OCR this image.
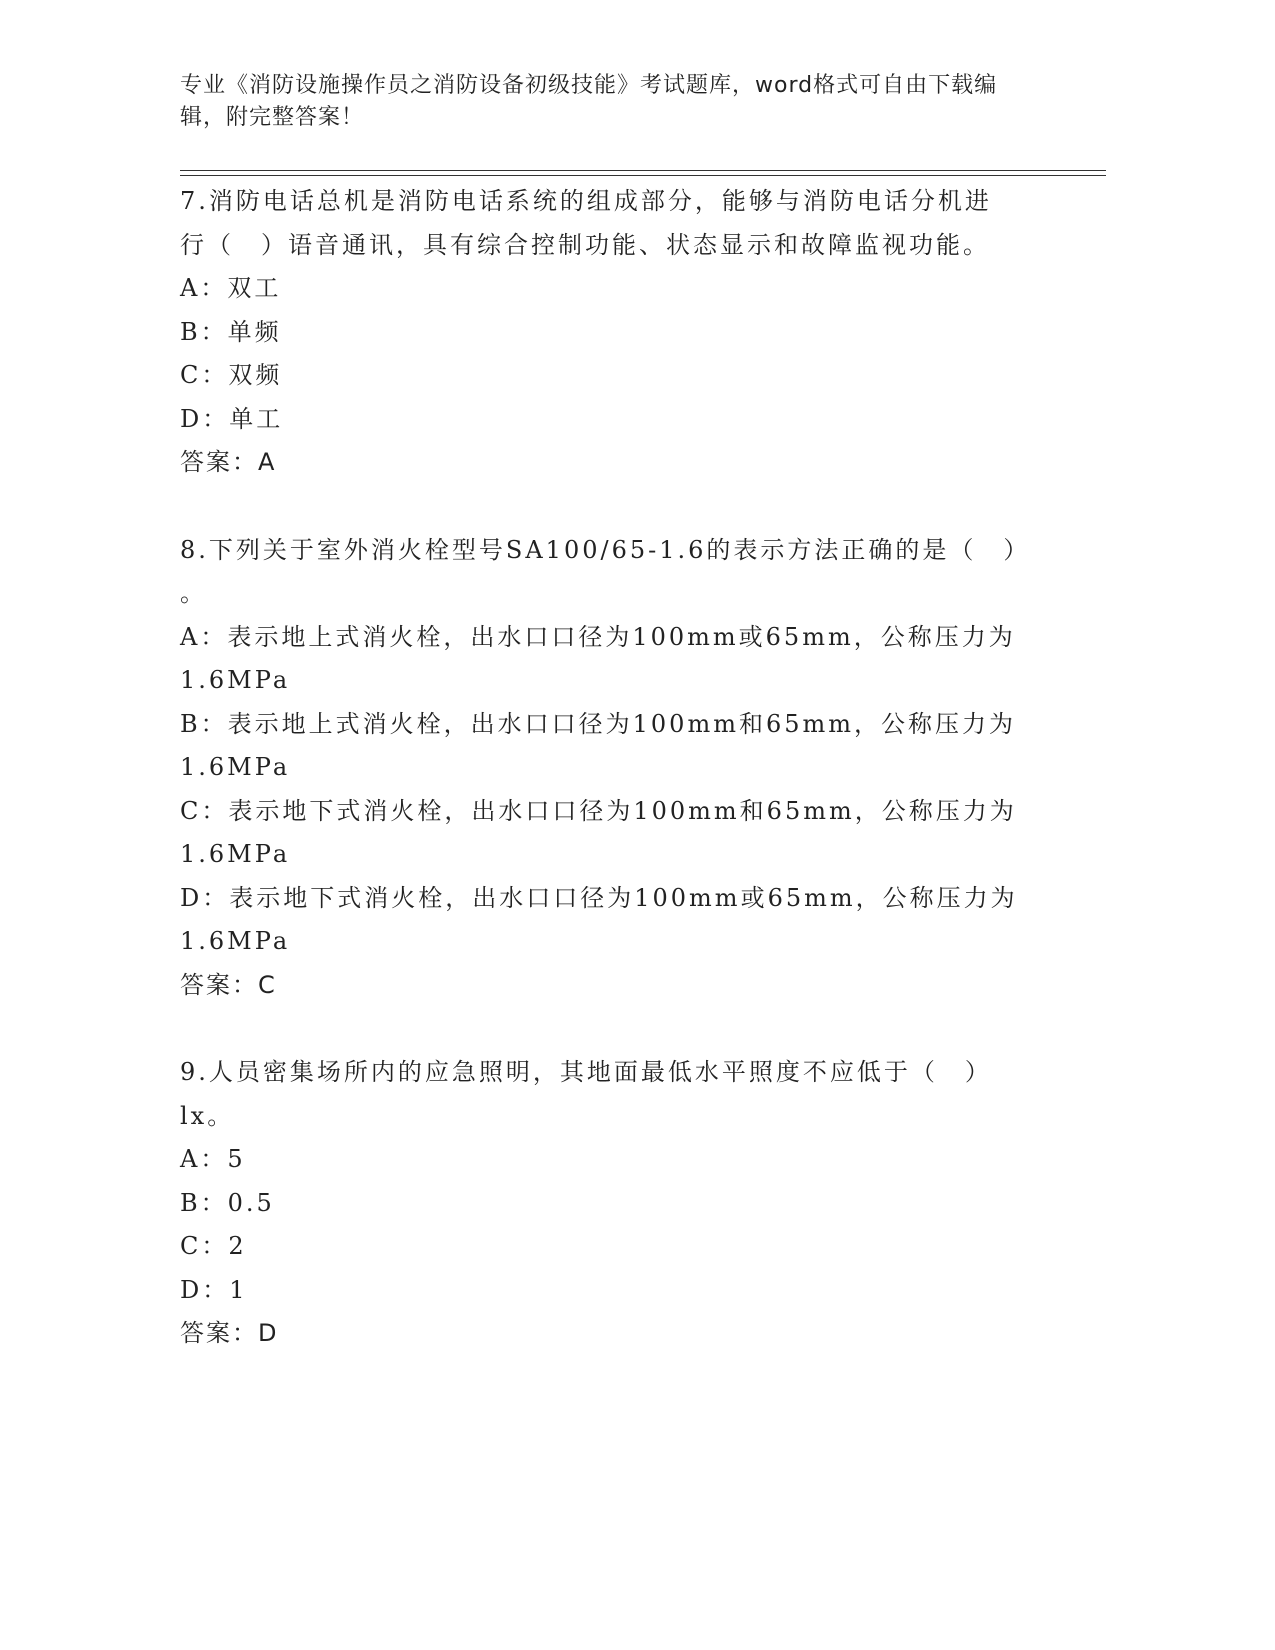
专业《消防设施操作员之消防设备初级技能》考试题库，word格式可自由下载编
辑，附完整答案！
7.消防电话总机是消防电话系统的组成部分，能够与消防电话分机进
行（　）语音通讯，具有综合控制功能、状态显示和故障监视功能。
A：双工
B：单频
C：双频
D：单工
答案：A
8.下列关于室外消火栓型号SA100/65-1.6的表示方法正确的是（　）
。
A：表示地上式消火栓，出水口口径为100mm或65mm，公称压力为
1.6MPa
B：表示地上式消火栓，出水口口径为100mm和65mm，公称压力为
1.6MPa
C：表示地下式消火栓，出水口口径为100mm和65mm，公称压力为
1.6MPa
D：表示地下式消火栓，出水口口径为100mm或65mm，公称压力为
1.6MPa
答案：C
9.人员密集场所内的应急照明，其地面最低水平照度不应低于（　）
lx。
A：5
B：0.5
C：2
D：1
答案：D
